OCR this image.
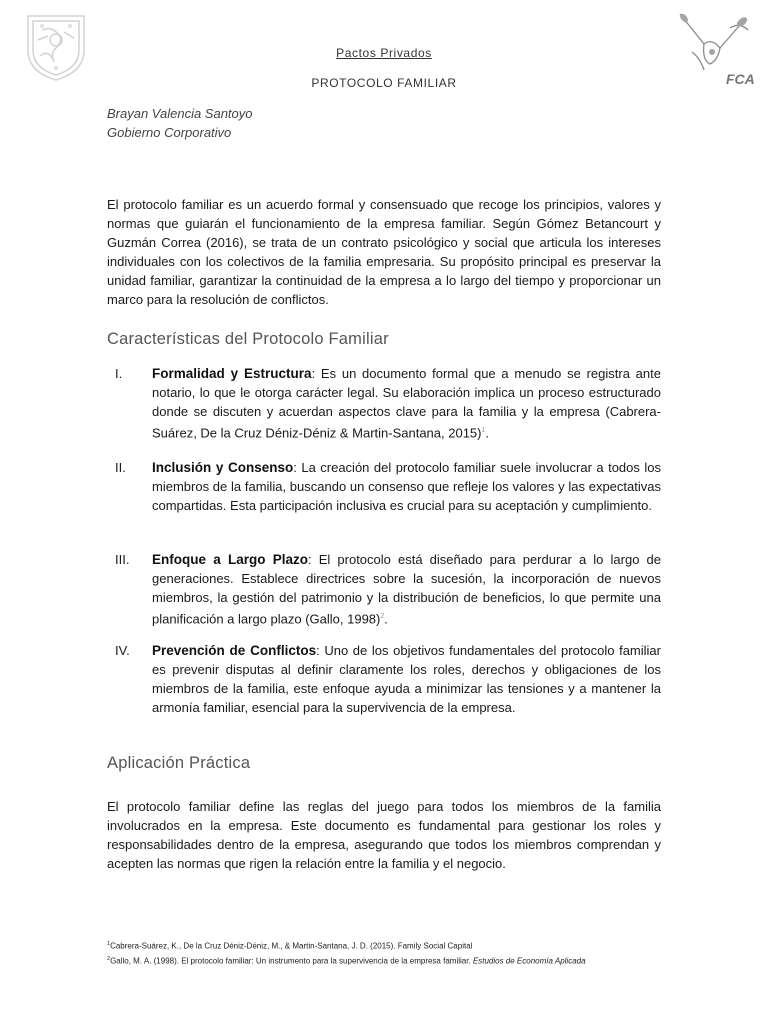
FCA
Pactos Privados
PROTOCOLO FAMILIAR
Brayan Valencia Santoyo
Gobierno Corporativo

El protocolo familiar es un acuerdo formal y consensuado que recoge los principios, valores y normas que guiarán el funcionamiento de la empresa familiar. Según Gómez Betancourt y Guzmán Correa (2016), se trata de un contrato psicológico y social que articula los intereses individuales con los colectivos de la familia empresaria. Su propósito principal es preservar la unidad familiar, garantizar la continuidad de la empresa a lo largo del tiempo y proporcionar un marco para la resolución de conflictos.

Características del Protocolo Familiar
I. Formalidad y Estructura: Es un documento formal que a menudo se registra ante notario, lo que le otorga carácter legal. Su elaboración implica un proceso estructurado donde se discuten y acuerdan aspectos clave para la familia y la empresa (Cabrera-Suárez, De la Cruz Déniz-Déniz & Martin-Santana, 2015)$^1$.
II. Inclusión y Consenso: La creación del protocolo familiar suele involucrar a todos los miembros de la familia, buscando un consenso que refleje los valores y las expectativas compartidas. Esta participación inclusiva es crucial para su aceptación y cumplimiento.
III. Enfoque a Largo Plazo: El protocolo está diseñado para perdurar a lo largo de generaciones. Establece directrices sobre la sucesión, la incorporación de nuevos miembros, la gestión del patrimonio y la distribución de beneficios, lo que permite una planificación a largo plazo (Gallo, 1998)$^2$.
IV. Prevención de Conflictos: Uno de los objetivos fundamentales del protocolo familiar es prevenir disputas al definir claramente los roles, derechos y obligaciones de los miembros de la familia, este enfoque ayuda a minimizar las tensiones y a mantener la armonía familiar, esencial para la supervivencia de la empresa.
Aplicación Práctica

El protocolo familiar define las reglas del juego para todos los miembros de la familia involucrados en la empresa. Este documento es fundamental para gestionar los roles y responsabilidades dentro de la empresa, asegurando que todos los miembros comprendan y acepten las normas que rigen la relación entre la familia y el negocio.

$^1$Cabrera-Suárez, K., De la Cruz Déniz-Déniz, M., & Martin-Santana, J. D. (2015). Family Social Capital
$^2$Gallo, M. A. (1998). El protocolo familiar: Un instrumento para la supervivencia de la empresa familiar. Estudios de Economía Aplicada
